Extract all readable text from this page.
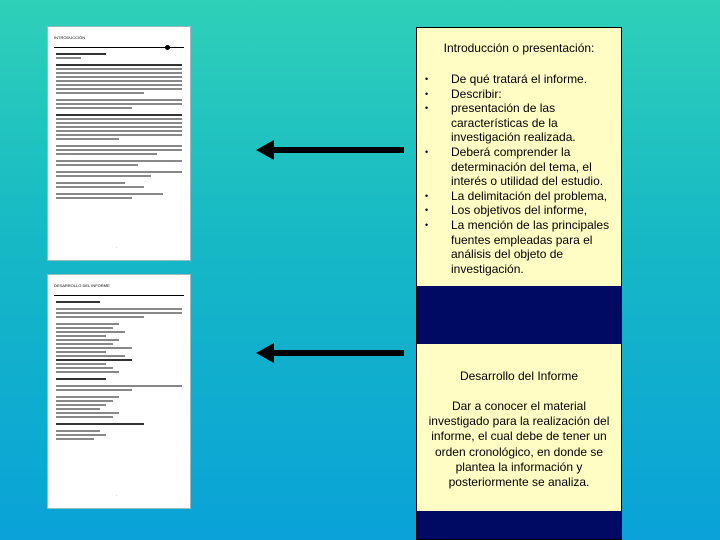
INTRODUCCIÓN
·
DESARROLLO DEL INFORME
·
Introducción o presentación:
• De qué tratará el informe.
• Describir:
• presentación de las características de la investigación realizada.
• Deberá comprender la determinación del tema, el interés o utilidad del estudio.
• La delimitación del problema,
• Los objetivos del informe,
• La mención de las principales fuentes empleadas para el análisis del objeto de investigación.
Desarrollo del Informe
Dar a conocer el material investigado para la realización del informe, el cual debe de tener un orden cronológico, en donde se plantea la información y posteriormente se analiza.
